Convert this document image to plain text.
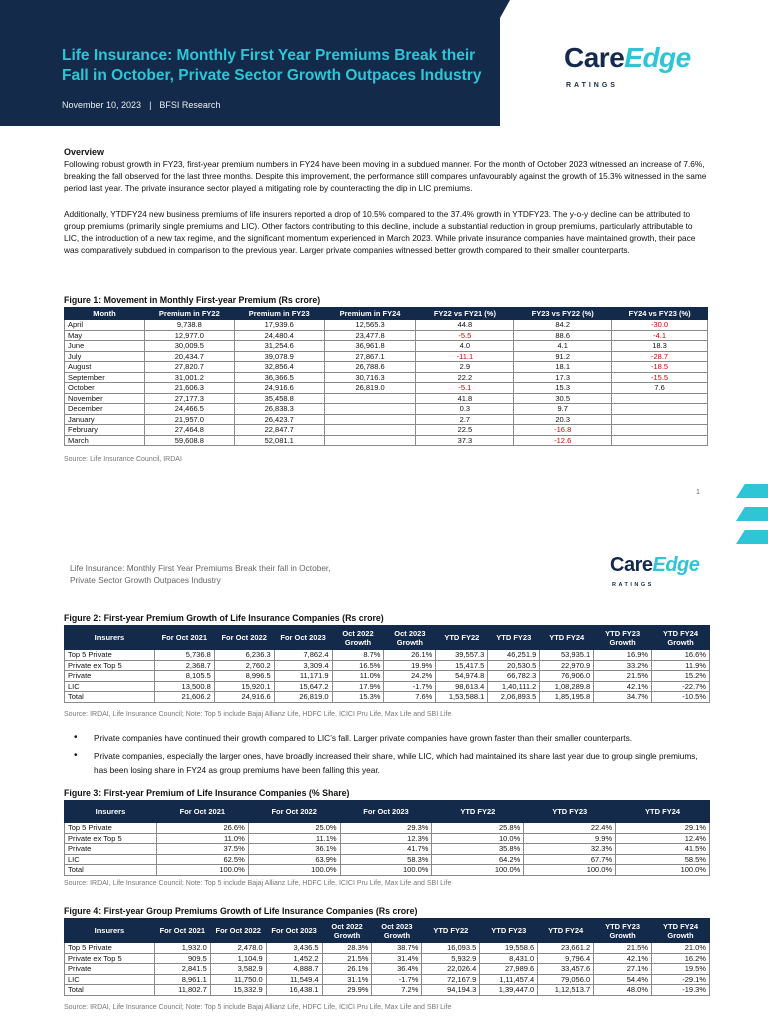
Life Insurance: Monthly First Year Premiums Break their Fall in October, Private Sector Growth Outpaces Industry
November 10, 2023 | BFSI Research
CareEdge
RATINGS
Overview
Following robust growth in FY23, first-year premium numbers in FY24 have been moving in a subdued manner. For the month of October 2023 witnessed an increase of 7.6%, breaking the fall observed for the last three months. Despite this improvement, the performance still compares unfavourably against the growth of 15.3% witnessed in the same period last year. The private insurance sector played a mitigating role by counteracting the dip in LIC premiums.
Additionally, YTDFY24 new business premiums of life insurers reported a drop of 10.5% compared to the 37.4% growth in YTDFY23. The y-o-y decline can be attributed to group premiums (primarily single premiums and LIC). Other factors contributing to this decline, include a substantial reduction in group premiums, particularly attributable to LIC, the introduction of a new tax regime, and the significant momentum experienced in March 2023. While private insurance companies have maintained growth, their pace was comparatively subdued in comparison to the previous year. Larger private companies witnessed better growth compared to their smaller counterparts.
Figure 1: Movement in Monthly First-year Premium (Rs crore)
Month	Premium in FY22	Premium in FY23	Premium in FY24	FY22 vs FY21 (%)	FY23 vs FY22 (%)	FY24 vs FY23 (%)
April	9,738.8	17,939.6	12,565.3	44.8	84.2	-30.0
May	12,977.0	24,480.4	23,477.8	-5.5	88.6	-4.1
June	30,009.5	31,254.6	36,961.8	4.0	4.1	18.3
July	20,434.7	39,078.9	27,867.1	-11.1	91.2	-28.7
August	27,820.7	32,856.4	26,788.6	2.9	18.1	-18.5
September	31,001.2	36,366.5	30,716.3	22.2	17.3	-15.5
October	21,606.3	24,916.6	26,819.0	-5.1	15.3	7.6
November	27,177.3	35,458.8		41.8	30.5	
December	24,466.5	26,838.3		0.3	9.7	
January	21,957.0	26,423.7		2.7	20.3	
February	27,464.8	22,847.7		22.5	-16.8	
March	59,608.8	52,081.1		37.3	-12.6	
Source: Life Insurance Council, IRDAI
1
Life Insurance: Monthly First Year Premiums Break their fall in October,
Private Sector Growth Outpaces Industry
CareEdge
RATINGS
Figure 2: First-year Premium Growth of Life Insurance Companies (Rs crore)
Insurers	For Oct 2021	For Oct 2022	For Oct 2023	Oct 2022 Growth	Oct 2023 Growth	YTD FY22	YTD FY23	YTD FY24	YTD FY23 Growth	YTD FY24 Growth
Top 5 Private	5,736.8	6,236.3	7,862.4	8.7%	26.1%	39,557.3	46,251.9	53,935.1	16.9%	16.6%
Private ex Top 5	2,368.7	2,760.2	3,309.4	16.5%	19.9%	15,417.5	20,530.5	22,970.9	33.2%	11.9%
Private	8,105.5	8,996.5	11,171.9	11.0%	24.2%	54,974.8	66,782.3	76,906.0	21.5%	15.2%
LIC	13,500.8	15,920.1	15,647.2	17.9%	-1.7%	98,613.4	1,40,111.2	1,08,289.8	42.1%	-22.7%
Total	21,606.2	24,916.6	26,819.0	15.3%	7.6%	1,53,588.1	2,06,893.5	1,85,195.8	34.7%	-10.5%
Source: IRDAI, Life Insurance Council; Note: Top 5 include Bajaj Allianz Life, HDFC Life, ICICI Pru Life, Max Life and SBI Life
• Private companies have continued their growth compared to LIC’s fall. Larger private companies have grown faster than their smaller counterparts.
• Private companies, especially the larger ones, have broadly increased their share, while LIC, which had maintained its share last year due to group single premiums, has been losing share in FY24 as group premiums have been falling this year.
Figure 3: First-year Premium of Life Insurance Companies (% Share)
Insurers	For Oct 2021	For Oct 2022	For Oct 2023	YTD FY22	YTD FY23	YTD FY24
Top 5 Private	26.6%	25.0%	29.3%	25.8%	22.4%	29.1%
Private ex Top 5	11.0%	11.1%	12.3%	10.0%	9.9%	12.4%
Private	37.5%	36.1%	41.7%	35.8%	32.3%	41.5%
LIC	62.5%	63.9%	58.3%	64.2%	67.7%	58.5%
Total	100.0%	100.0%	100.0%	100.0%	100.0%	100.0%
Source: IRDAI, Life Insurance Council; Note: Top 5 include Bajaj Allianz Life, HDFC Life, ICICI Pru Life, Max Life and SBI Life
Figure 4: First-year Group Premiums Growth of Life Insurance Companies (Rs crore)
Insurers	For Oct 2021	For Oct 2022	For Oct 2023	Oct 2022 Growth	Oct 2023 Growth	YTD FY22	YTD FY23	YTD FY24	YTD FY23 Growth	YTD FY24 Growth
Top 5 Private	1,932.0	2,478.0	3,436.5	28.3%	38.7%	16,093.5	19,558.6	23,661.2	21.5%	21.0%
Private ex Top 5	909.5	1,104.9	1,452.2	21.5%	31.4%	5,932.9	8,431.0	9,796.4	42.1%	16.2%
Private	2,841.5	3,582.9	4,888.7	26.1%	36.4%	22,026.4	27,989.6	33,457.6	27.1%	19.5%
LIC	8,961.1	11,750.0	11,549.4	31.1%	-1.7%	72,167.9	1,11,457.4	79,056.0	54.4%	-29.1%
Total	11,802.7	15,332.9	16,438.1	29.9%	7.2%	94,194.3	1,39,447.0	1,12,513.7	48.0%	-19.3%
Source: IRDAI, Life Insurance Council; Note: Top 5 include Bajaj Allianz Life, HDFC Life, ICICI Pru Life, Max Life and SBI Life
